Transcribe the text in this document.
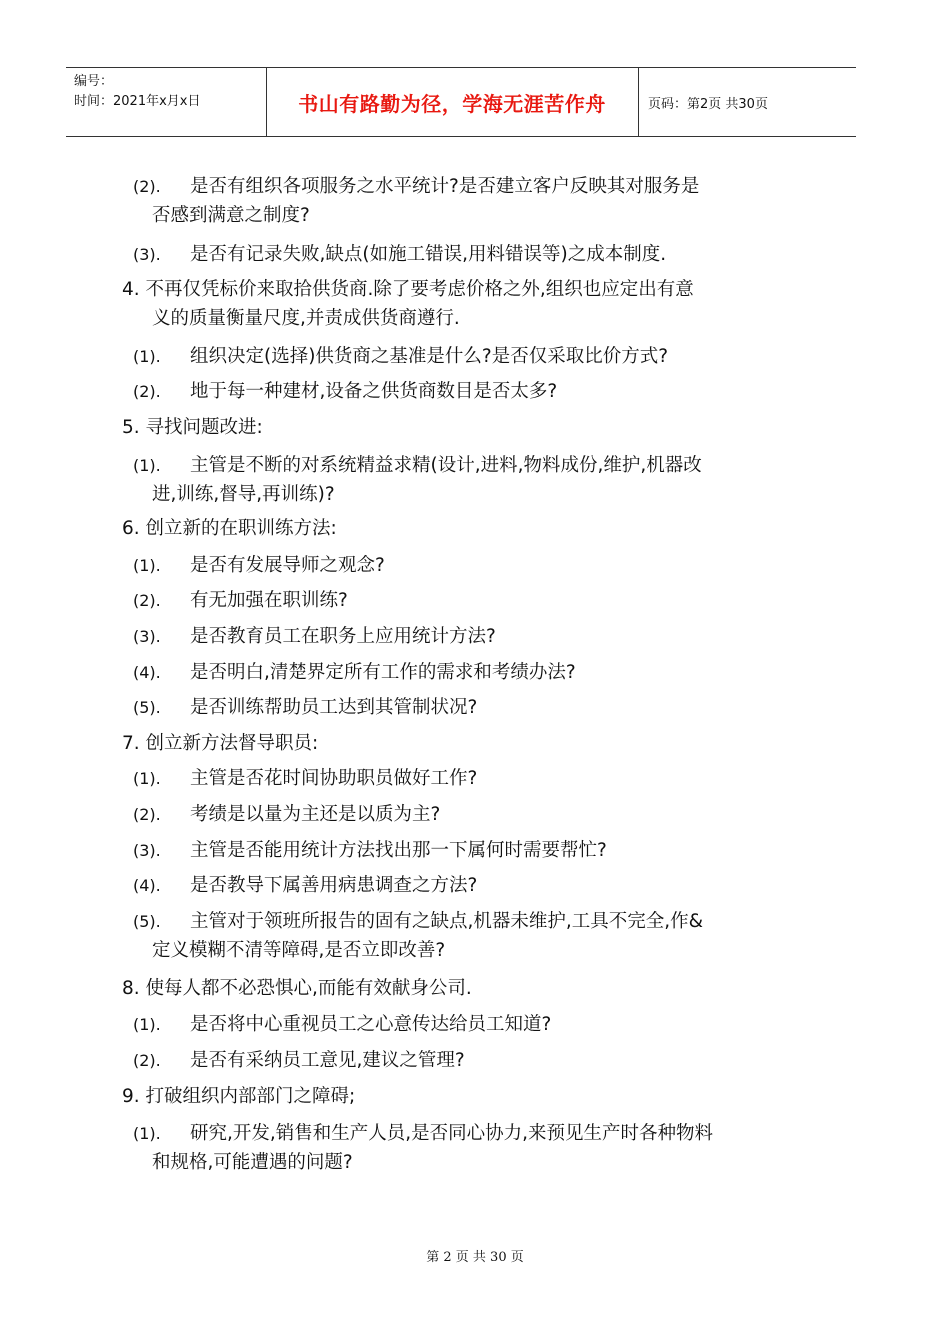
编号：
时间：2021年x月x日	书山有路勤为径，学海无涯苦作舟	页码：第2页 共30页
(2). 是否有组织各项服务之水平统计?是否建立客户反映其对服务是
否感到满意之制度?
(3). 是否有记录失败,缺点(如施工错误,用料错误等)之成本制度.
4. 不再仅凭标价来取拾供货商.除了要考虑价格之外,组织也应定出有意
义的质量衡量尺度,并责成供货商遵行.
(1). 组织决定(选择)供货商之基准是什么?是否仅采取比价方式?
(2). 地于每一种建材,设备之供货商数目是否太多?
5. 寻找问题改进:
(1). 主管是不断的对系统精益求精(设计,进料,物料成份,维护,机器改
进,训练,督导,再训练)?
6. 创立新的在职训练方法:
(1). 是否有发展导师之观念?
(2). 有无加强在职训练?
(3). 是否教育员工在职务上应用统计方法?
(4). 是否明白,清楚界定所有工作的需求和考绩办法?
(5). 是否训练帮助员工达到其管制状况?
7. 创立新方法督导职员:
(1). 主管是否花时间协助职员做好工作?
(2). 考绩是以量为主还是以质为主?
(3). 主管是否能用统计方法找出那一下属何时需要帮忙?
(4). 是否教导下属善用病患调查之方法?
(5). 主管对于领班所报告的固有之缺点,机器未维护,工具不完全,作&
定义模糊不清等障碍,是否立即改善?
8. 使每人都不必恐惧心,而能有效献身公司.
(1). 是否将中心重视员工之心意传达给员工知道?
(2). 是否有采纳员工意见,建议之管理?
9. 打破组织内部部门之障碍;
(1). 研究,开发,销售和生产人员,是否同心协力,来预见生产时各种物料
和规格,可能遭遇的问题?
第 2 页 共 30 页
